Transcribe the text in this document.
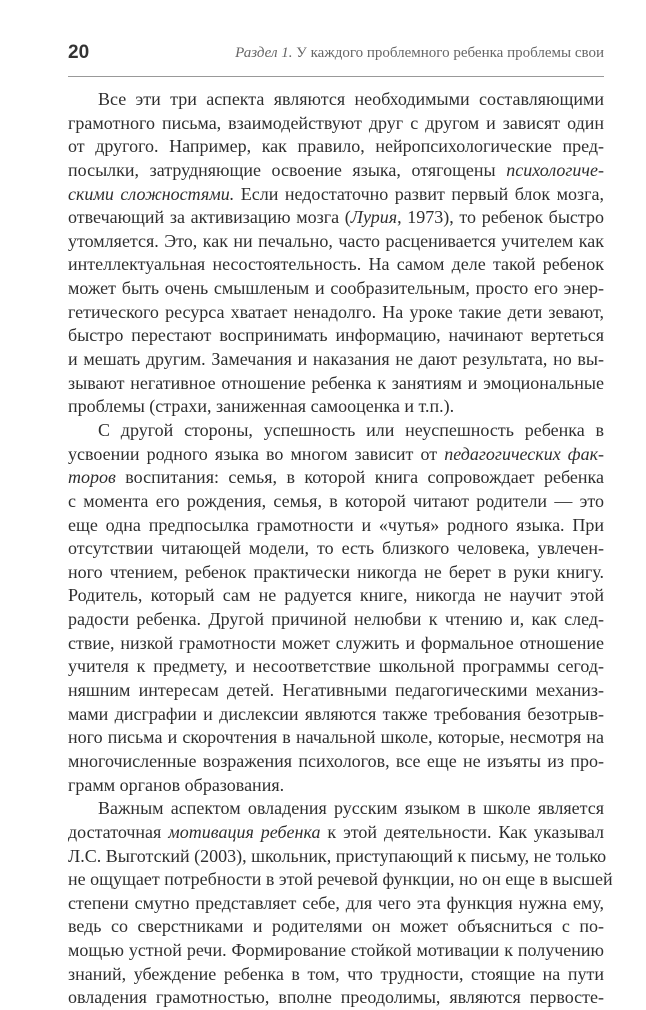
20	Раздел 1. У каждого проблемного ребенка проблемы свои
Все эти три аспекта являются необходимыми составляющими
грамотного письма, взаимодействуют друг с другом и зависят один
от другого. Например, как правило, нейропсихологические пред-
посылки, затрудняющие освоение языка, отягощены психологиче-
скими сложностями. Если недостаточно развит первый блок мозга,
отвечающий за активизацию мозга (Лурия, 1973), то ребенок быстро
утомляется. Это, как ни печально, часто расценивается учителем как
интеллектуальная несостоятельность. На самом деле такой ребенок
может быть очень смышленым и сообразительным, просто его энер-
гетического ресурса хватает ненадолго. На уроке такие дети зевают,
быстро перестают воспринимать информацию, начинают вертеться
и мешать другим. Замечания и наказания не дают результата, но вы-
зывают негативное отношение ребенка к занятиям и эмоциональные
проблемы (страхи, заниженная самооценка и т.п.).
С другой стороны, успешность или неуспешность ребенка в
усвоении родного языка во многом зависит от педагогических фак-
торов воспитания: семья, в которой книга сопровождает ребенка
с момента его рождения, семья, в которой читают родители — это
еще одна предпосылка грамотности и «чутья» родного языка. При
отсутствии читающей модели, то есть близкого человека, увлечен-
ного чтением, ребенок практически никогда не берет в руки книгу.
Родитель, который сам не радуется книге, никогда не научит этой
радости ребенка. Другой причиной нелюбви к чтению и, как след-
ствие, низкой грамотности может служить и формальное отношение
учителя к предмету, и несоответствие школьной программы сегод-
няшним интересам детей. Негативными педагогическими механиз-
мами дисграфии и дислексии являются также требования безотрыв-
ного письма и скорочтения в начальной школе, которые, несмотря на
многочисленные возражения психологов, все еще не изъяты из про-
грамм органов образования.
Важным аспектом овладения русским языком в школе является
достаточная мотивация ребенка к этой деятельности. Как указывал
Л.С. Выготский (2003), школьник, приступающий к письму, не только
не ощущает потребности в этой речевой функции, но он еще в высшей
степени смутно представляет себе, для чего эта функция нужна ему,
ведь со сверстниками и родителями он может объясниться с по-
мощью устной речи. Формирование стойкой мотивации к получению
знаний, убеждение ребенка в том, что трудности, стоящие на пути
овладения грамотностью, вполне преодолимы, являются первосте-
